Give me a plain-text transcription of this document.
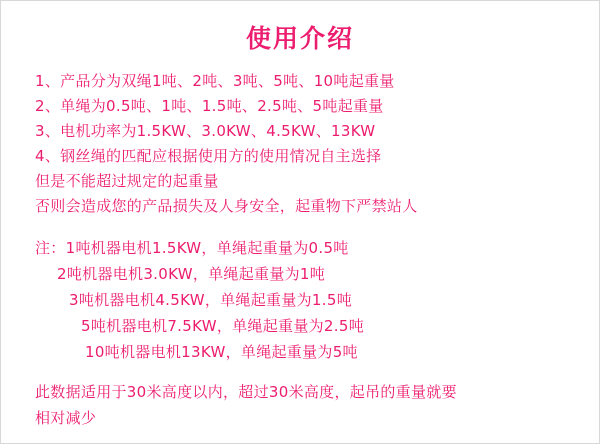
使用介绍
1、产品分为双绳1吨、2吨、3吨、5吨、10吨起重量
2、单绳为0.5吨、1吨、1.5吨、2.5吨、5吨起重量
3、电机功率为1.5KW、3.0KW、4.5KW、13KW
4、钢丝绳的匹配应根据使用方的使用情况自主选择
但是不能超过规定的起重量
否则会造成您的产品损失及人身安全，起重物下严禁站人
注：1吨机器电机1.5KW，单绳起重量为0.5吨
2吨机器电机3.0KW，单绳起重量为1吨
3吨机器电机4.5KW，单绳起重量为1.5吨
5吨机器电机7.5KW，单绳起重量为2.5吨
10吨机器电机13KW，单绳起重量为5吨
此数据适用于30米高度以内，超过30米高度，起吊的重量就要
相对减少
